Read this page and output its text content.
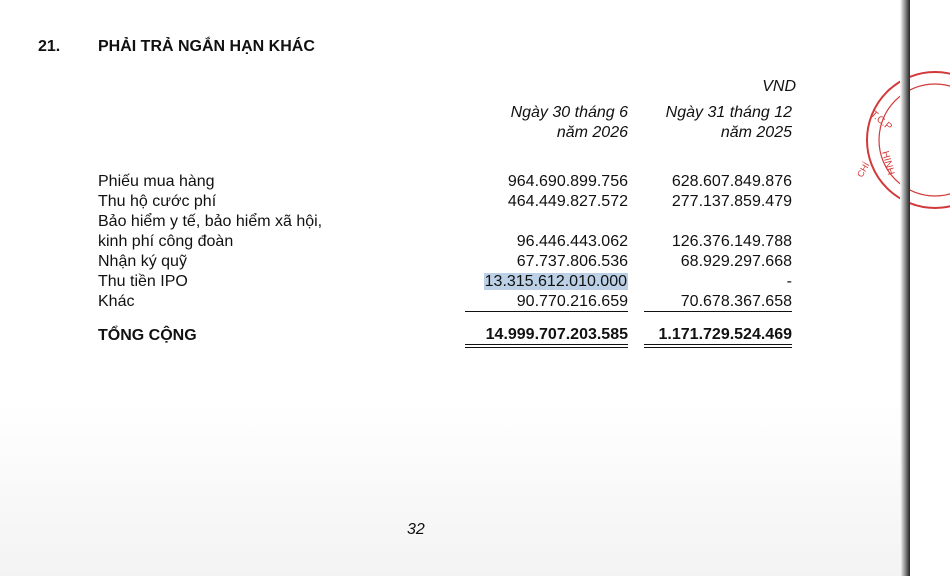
21. PHẢI TRẢ NGẮN HẠN KHÁC
VND
Ngày 30 tháng 6
năm 2026
Ngày 31 tháng 12
năm 2025
Phiếu mua hàng	964.690.899.756	628.607.849.876
Thu hộ cước phí	464.449.827.572	277.137.859.479
Bảo hiểm y tế, bảo hiểm xã hội,
kinh phí công đoàn	96.446.443.062	126.376.149.788
Nhận ký quỹ	67.737.806.536	68.929.297.668
Thu tiền IPO	13.315.612.010.000	-
Khác	90.770.216.659	70.678.367.658
TỔNG CỘNG	14.999.707.203.585 1.171.729.524.469
32
T.C.P
HINH
CHÍ
